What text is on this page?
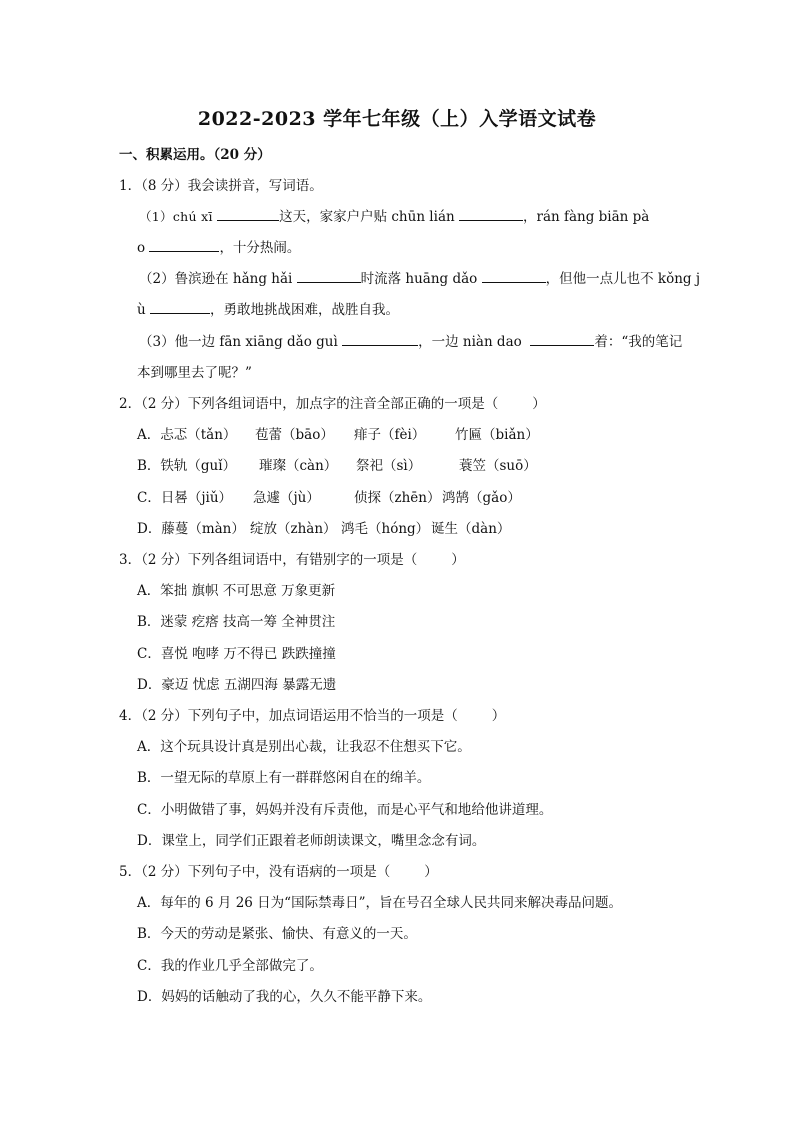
2022-2023 学年七年级（上）入学语文试卷
一、积累运用。（20 分）
1．（8 分）我会读拼音，写词语。
（1）chú xī	这天，家家户户贴 chūn lián	，rán fàng biān pà
o	，十分热闹。
（2）鲁滨逊在 hǎng hǎi	时流落 huāng dǎo	，但他一点儿也不 kǒng j
ù	，勇敢地挑战困难，战胜自我。
（3）他一边 fān xiāng dǎo guì	，一边 niàn dao	着：“我的笔记
本到哪里去了呢？”
2．（2 分）下列各组词语中，加点字的注音全部正确的一项是（	）
A．忐忑（tǎn） 苞蕾（bāo） 痱子（fèi） 竹匾（biǎn）
B．铁轨（guǐ） 璀璨（càn） 祭祀（sì）	蓑笠（suō）
C．日晷（jiǔ） 急遽（jù）	侦探（zhēn） 鸿鹄（gǎo）
D．藤蔓（màn） 绽放（zhàn） 鸿毛（hóng） 诞生（dàn）
3．（2 分）下列各组词语中，有错别字的一项是（	）
A．笨拙 旗帜 不可思意 万象更新
B．迷蒙 疙瘩 技高一筹 全神贯注
C．喜悦 咆哮 万不得已 跌跌撞撞
D．豪迈 忧虑 五湖四海 暴露无遗
4．（2 分）下列句子中，加点词语运用不恰当的一项是（	）
A．这个玩具设计真是别出心裁，让我忍不住想买下它。
B．一望无际的草原上有一群群悠闲自在的绵羊。
C．小明做错了事，妈妈并没有斥责他，而是心平气和地给他讲道理。
D．课堂上，同学们正跟着老师朗读课文，嘴里念念有词。
5．（2 分）下列句子中，没有语病的一项是（	）
A．每年的 6 月 26 日为“国际禁毒日”，旨在号召全球人民共同来解决毒品问题。
B．今天的劳动是紧张、愉快、有意义的一天。
C．我的作业几乎全部做完了。
D．妈妈的话触动了我的心，久久不能平静下来。
